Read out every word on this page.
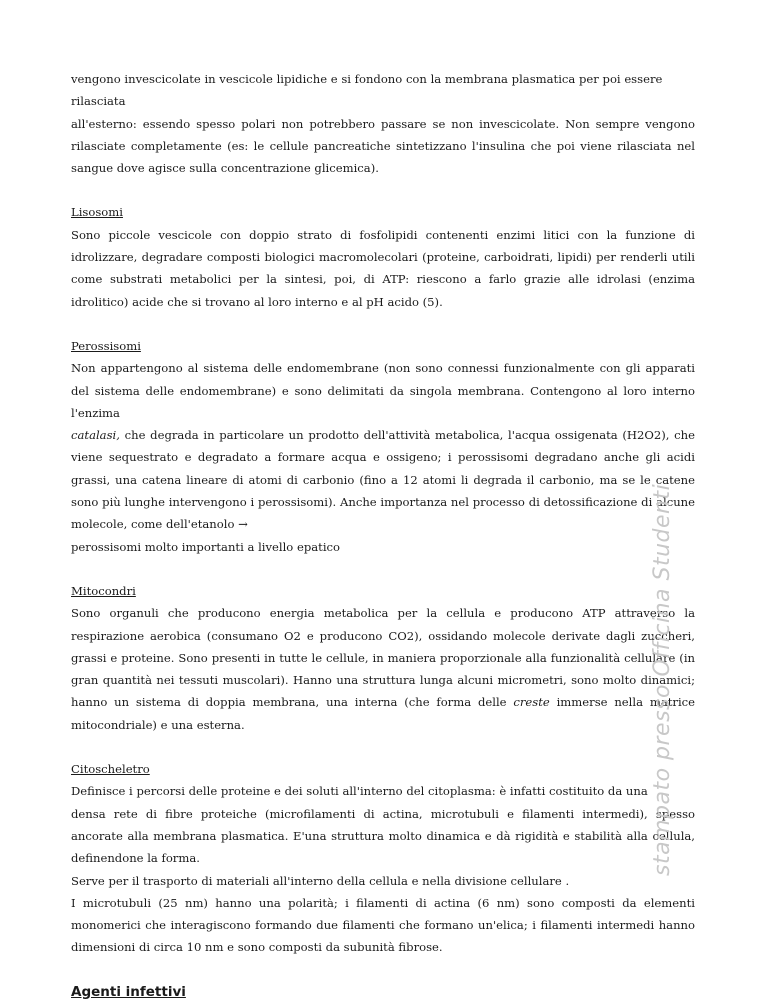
vengono invescicolate in vescicole lipidiche e si fondono con la membrana plasmatica per poi essere rilasciata

all'esterno: essendo spesso polari non potrebbero passare se non invescicolate. Non sempre vengono rilasciate completamente (es: le cellule pancreatiche sintetizzano l'insulina che poi viene rilasciata nel sangue dove agisce sulla concentrazione glicemica).

Lisosomi

Sono piccole vescicole con doppio strato di fosfolipidi contenenti enzimi litici con la funzione di idrolizzare, degradare composti biologici macromolecolari (proteine, carboidrati, lipidi) per renderli utili come substrati metabolici per la sintesi, poi, di ATP: riescono a farlo grazie alle idrolasi (enzima idrolitico) acide che si trovano al loro interno e al pH acido (5).

Perossisomi

Non appartengono al sistema delle endomembrane (non sono connessi funzionalmente con gli apparati del sistema delle endomembrane) e sono delimitati da singola membrana. Contengono al loro interno l'enzima
catalasi, che degrada in particolare un prodotto dell'attività metabolica, l'acqua ossigenata (H2O2), che viene sequestrato e degradato a formare acqua e ossigeno; i perossisomi degradano anche gli acidi grassi, una catena lineare di atomi di carbonio (fino a 12 atomi li degrada il carbonio, ma se le catene sono più lunghe intervengono i perossisomi). Anche importanza nel processo di detossificazione di alcune molecole, come dell'etanolo →

perossisomi molto importanti a livello epatico

Mitocondri

Sono organuli che producono energia metabolica per la cellula e producono ATP attraverso la respirazione aerobica (consumano O2 e producono CO2), ossidando molecole derivate dagli zuccheri, grassi e proteine. Sono presenti in tutte le cellule, in maniera proporzionale alla funzionalità cellulare (in gran quantità nei tessuti muscolari). Hanno una struttura lunga alcuni micrometri, sono molto dinamici; hanno un sistema di doppia membrana, una interna (che forma delle creste immerse nella matrice mitocondriale) e una esterna.

Citoscheletro

Definisce i percorsi delle proteine e dei soluti all'interno del citoplasma: è infatti costituito da una

densa rete di fibre proteiche (microfilamenti di actina, microtubuli e filamenti intermedi), spesso ancorate alla membrana plasmatica. E'una struttura molto dinamica e dà rigidità e stabilità alla cellula, definendone la forma.

Serve per il trasporto di materiali all'interno della cellula e nella divisione cellulare .

I microtubuli (25 nm) hanno una polarità; i filamenti di actina (6 nm) sono composti da elementi monomerici che interagiscono formando due filamenti che formano un'elica; i filamenti intermedi hanno dimensioni di circa 10 nm e sono composti da subunità fibrose.

Agenti infettivi

stampato presso Officina Studenti
